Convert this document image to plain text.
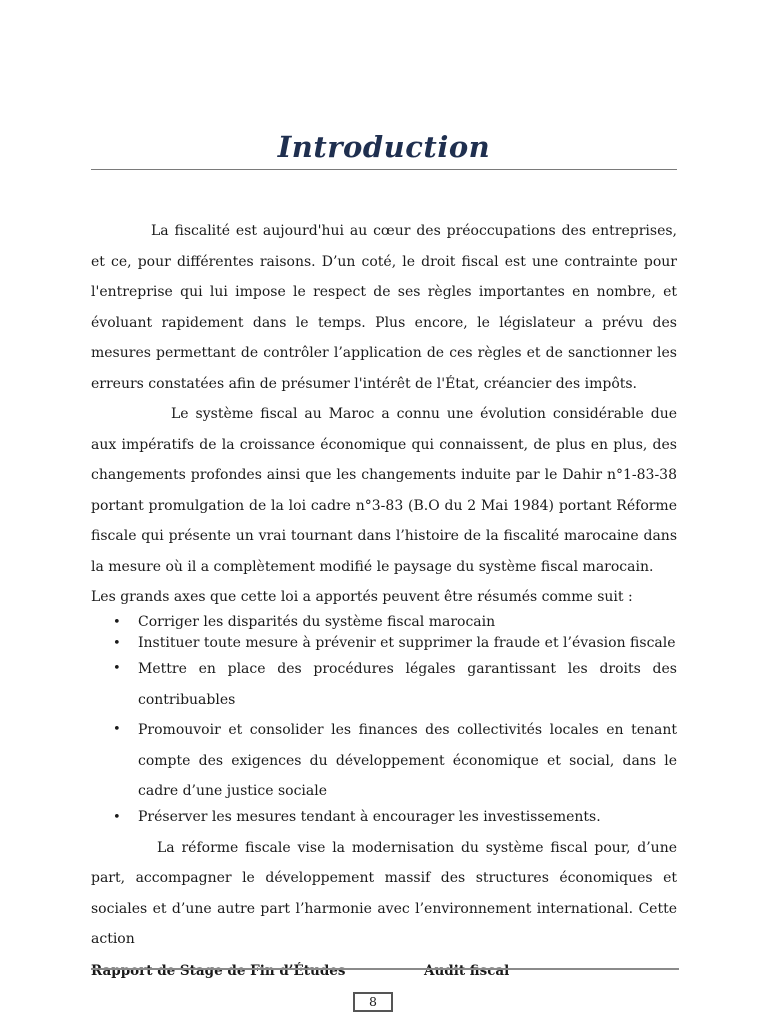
Introduction

La fiscalité est aujourd'hui au cœur des préoccupations des entreprises, et ce, pour différentes raisons. D’un coté, le droit fiscal est une contrainte pour l'entreprise qui lui impose le respect de ses règles importantes en nombre, et évoluant rapidement dans le temps. Plus encore, le législateur a prévu des mesures permettant de contrôler l’application de ces règles et de sanctionner les erreurs constatées afin de présumer l'intérêt de l'État, créancier des impôts.

Le système fiscal au Maroc a connu une évolution considérable due aux impératifs de la croissance économique qui connaissent, de plus en plus, des changements profondes ainsi que les changements induite par le Dahir n°1-83-38 portant promulgation de la loi cadre n°3-83 (B.O du 2 Mai 1984) portant Réforme fiscale qui présente un vrai tournant dans l’histoire de la fiscalité marocaine dans la mesure où il a complètement modifié le paysage du système fiscal marocain.

Les grands axes que cette loi a apportés peuvent être résumés comme suit :

• Corriger les disparités du système fiscal marocain
• Instituer toute mesure à prévenir et supprimer la fraude et l’évasion fiscale
• Mettre en place des procédures légales garantissant les droits des contribuables
• Promouvoir et consolider les finances des collectivités locales en tenant compte des exigences du développement économique et social, dans le cadre d’une justice sociale
• Préserver les mesures tendant à encourager les investissements.

La réforme fiscale vise la modernisation du système fiscal pour, d’une part, accompagner le développement massif des structures économiques et sociales et d’une autre part l’harmonie avec l’environnement international. Cette action

Rapport de Stage de Fin d’Études	Audit fiscal
8
